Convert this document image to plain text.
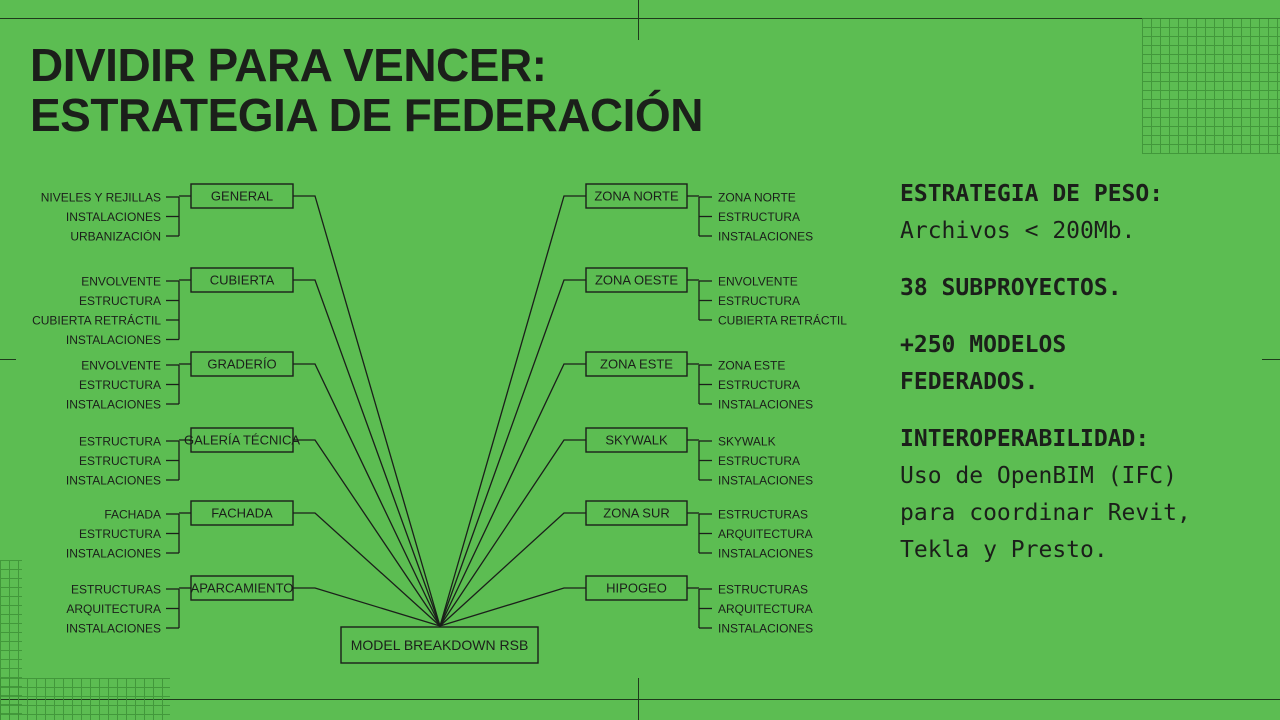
DIVIDIR PARA VENCER:
ESTRATEGIA DE FEDERACIÓN
GENERAL
NIVELES Y REJILLAS
INSTALACIONES
URBANIZACIÓN
CUBIERTA
ENVOLVENTE
ESTRUCTURA
CUBIERTA RETRÁCTIL
INSTALACIONES
GRADERÍO
ENVOLVENTE
ESTRUCTURA
INSTALACIONES
GALERÍA TÉCNICA
ESTRUCTURA
ESTRUCTURA
INSTALACIONES
FACHADA
FACHADA
ESTRUCTURA
INSTALACIONES
APARCAMIENTO
ESTRUCTURAS
ARQUITECTURA
INSTALACIONES
ZONA NORTE	ZONA NORTE
ESTRUCTURA
INSTALACIONES
ZONA OESTE	ENVOLVENTE
ESTRUCTURA
CUBIERTA RETRÁCTIL
ZONA ESTE	ZONA ESTE
ESTRUCTURA
INSTALACIONES
SKYWALK	SKYWALK
ESTRUCTURA
INSTALACIONES
ZONA SUR	ESTRUCTURAS
ARQUITECTURA
INSTALACIONES
HIPOGEO	ESTRUCTURAS
ARQUITECTURA
INSTALACIONES
MODEL BREAKDOWN RSB
ESTRATEGIA DE PESO:
Archivos < 200Mb.
38 SUBPROYECTOS.
+250 MODELOS
FEDERADOS.
INTEROPERABILIDAD:
Uso de OpenBIM (IFC)
para coordinar Revit,
Tekla y Presto.
